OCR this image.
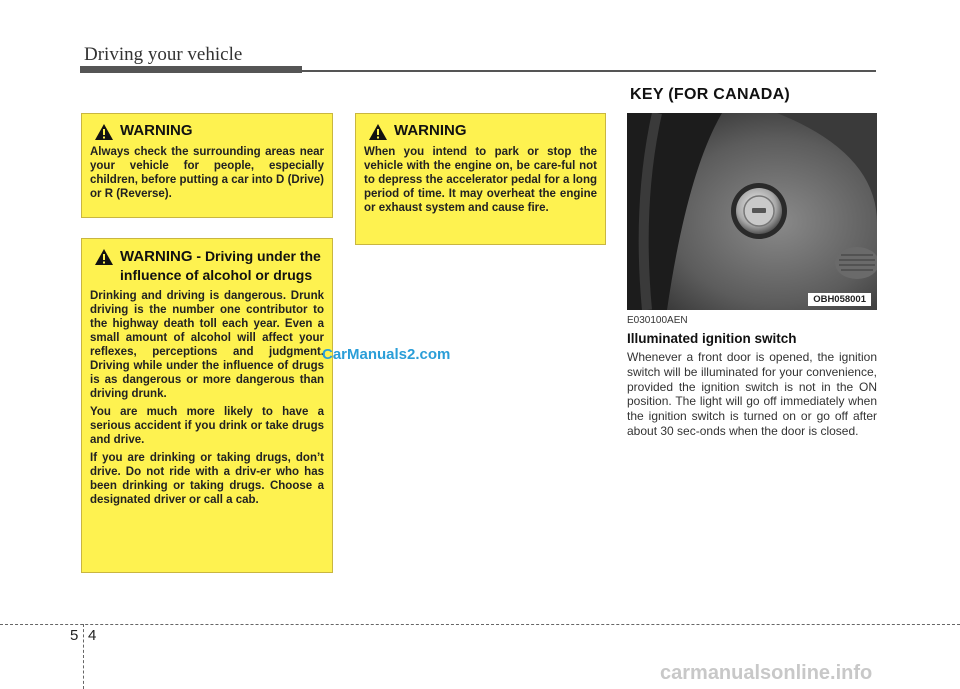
Driving your vehicle
KEY (FOR CANADA)
WARNING

Always check the surrounding areas near your vehicle for people, especially children, before putting a car into D (Drive) or R (Reverse).

WARNING

When you intend to park or stop the vehicle with the engine on, be care-ful not to depress the accelerator pedal for a long period of time. It may overheat the engine or exhaust system and cause fire.

WARNING - Driving under the influence of alcohol or drugs

Drinking and driving is dangerous. Drunk driving is the number one contributor to the highway death toll each year. Even a small amount of alcohol will affect your reflexes, perceptions and judgment. Driving while under the influence of drugs is as dangerous or more dangerous than driving drunk.

You are much more likely to have a serious accident if you drink or take drugs and drive.

If you are drinking or taking drugs, don’t drive. Do not ride with a driv-er who has been drinking or taking drugs. Choose a designated driver or call a cab.

CarManuals2.com
OBH058001
E030100AEN
Illuminated ignition switch
Whenever a front door is opened, the ignition switch will be illuminated for your convenience, provided the ignition switch is not in the ON position. The light will go off immediately when the ignition switch is turned on or go off after about 30 sec-onds when the door is closed.
5 4
carmanualsonline.info
